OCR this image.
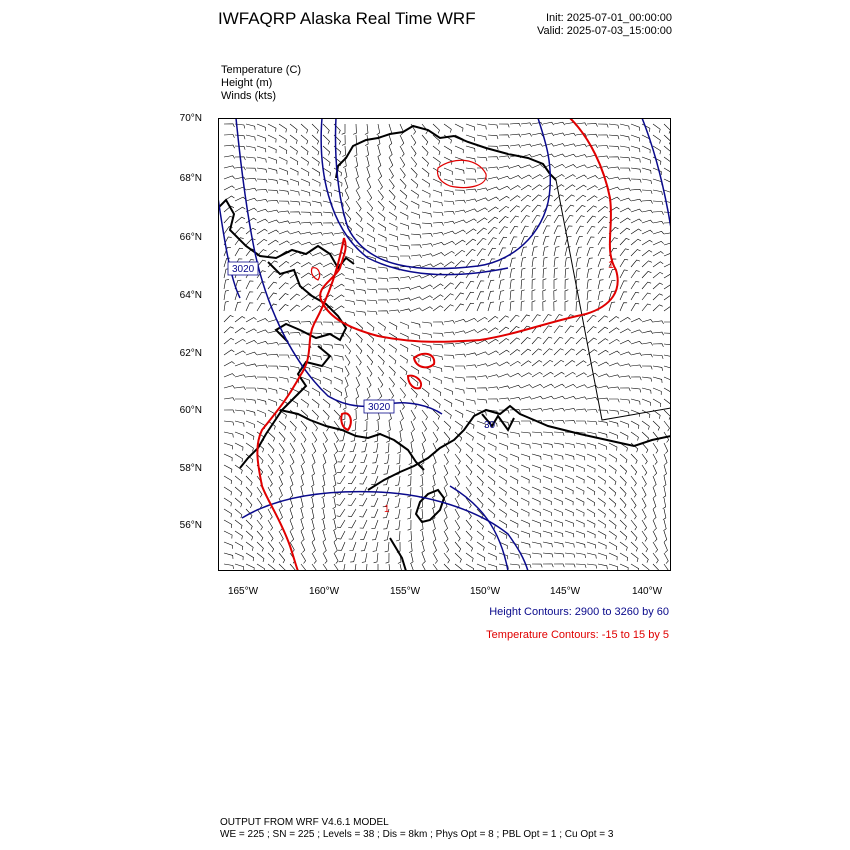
IWFAQRP Alaska Real Time WRF	Init: 2025-07-01_00:00:00
Valid: 2025-07-03_15:00:00
Temperature (C)
Height (m)
Winds (kts)
70°N
68°N
66°N
64°N
62°N
60°N
58°N
56°N
165°W	160°W	155°W	150°W	145°W	140°W
3020
3020
30
1
1
Height Contours: 2900 to 3260 by 60
Temperature Contours: -15 to 15 by 5
OUTPUT FROM WRF V4.6.1 MODEL
WE = 225 ; SN = 225 ; Levels = 38 ; Dis = 8km ; Phys Opt = 8 ; PBL Opt = 1 ; Cu Opt = 3
